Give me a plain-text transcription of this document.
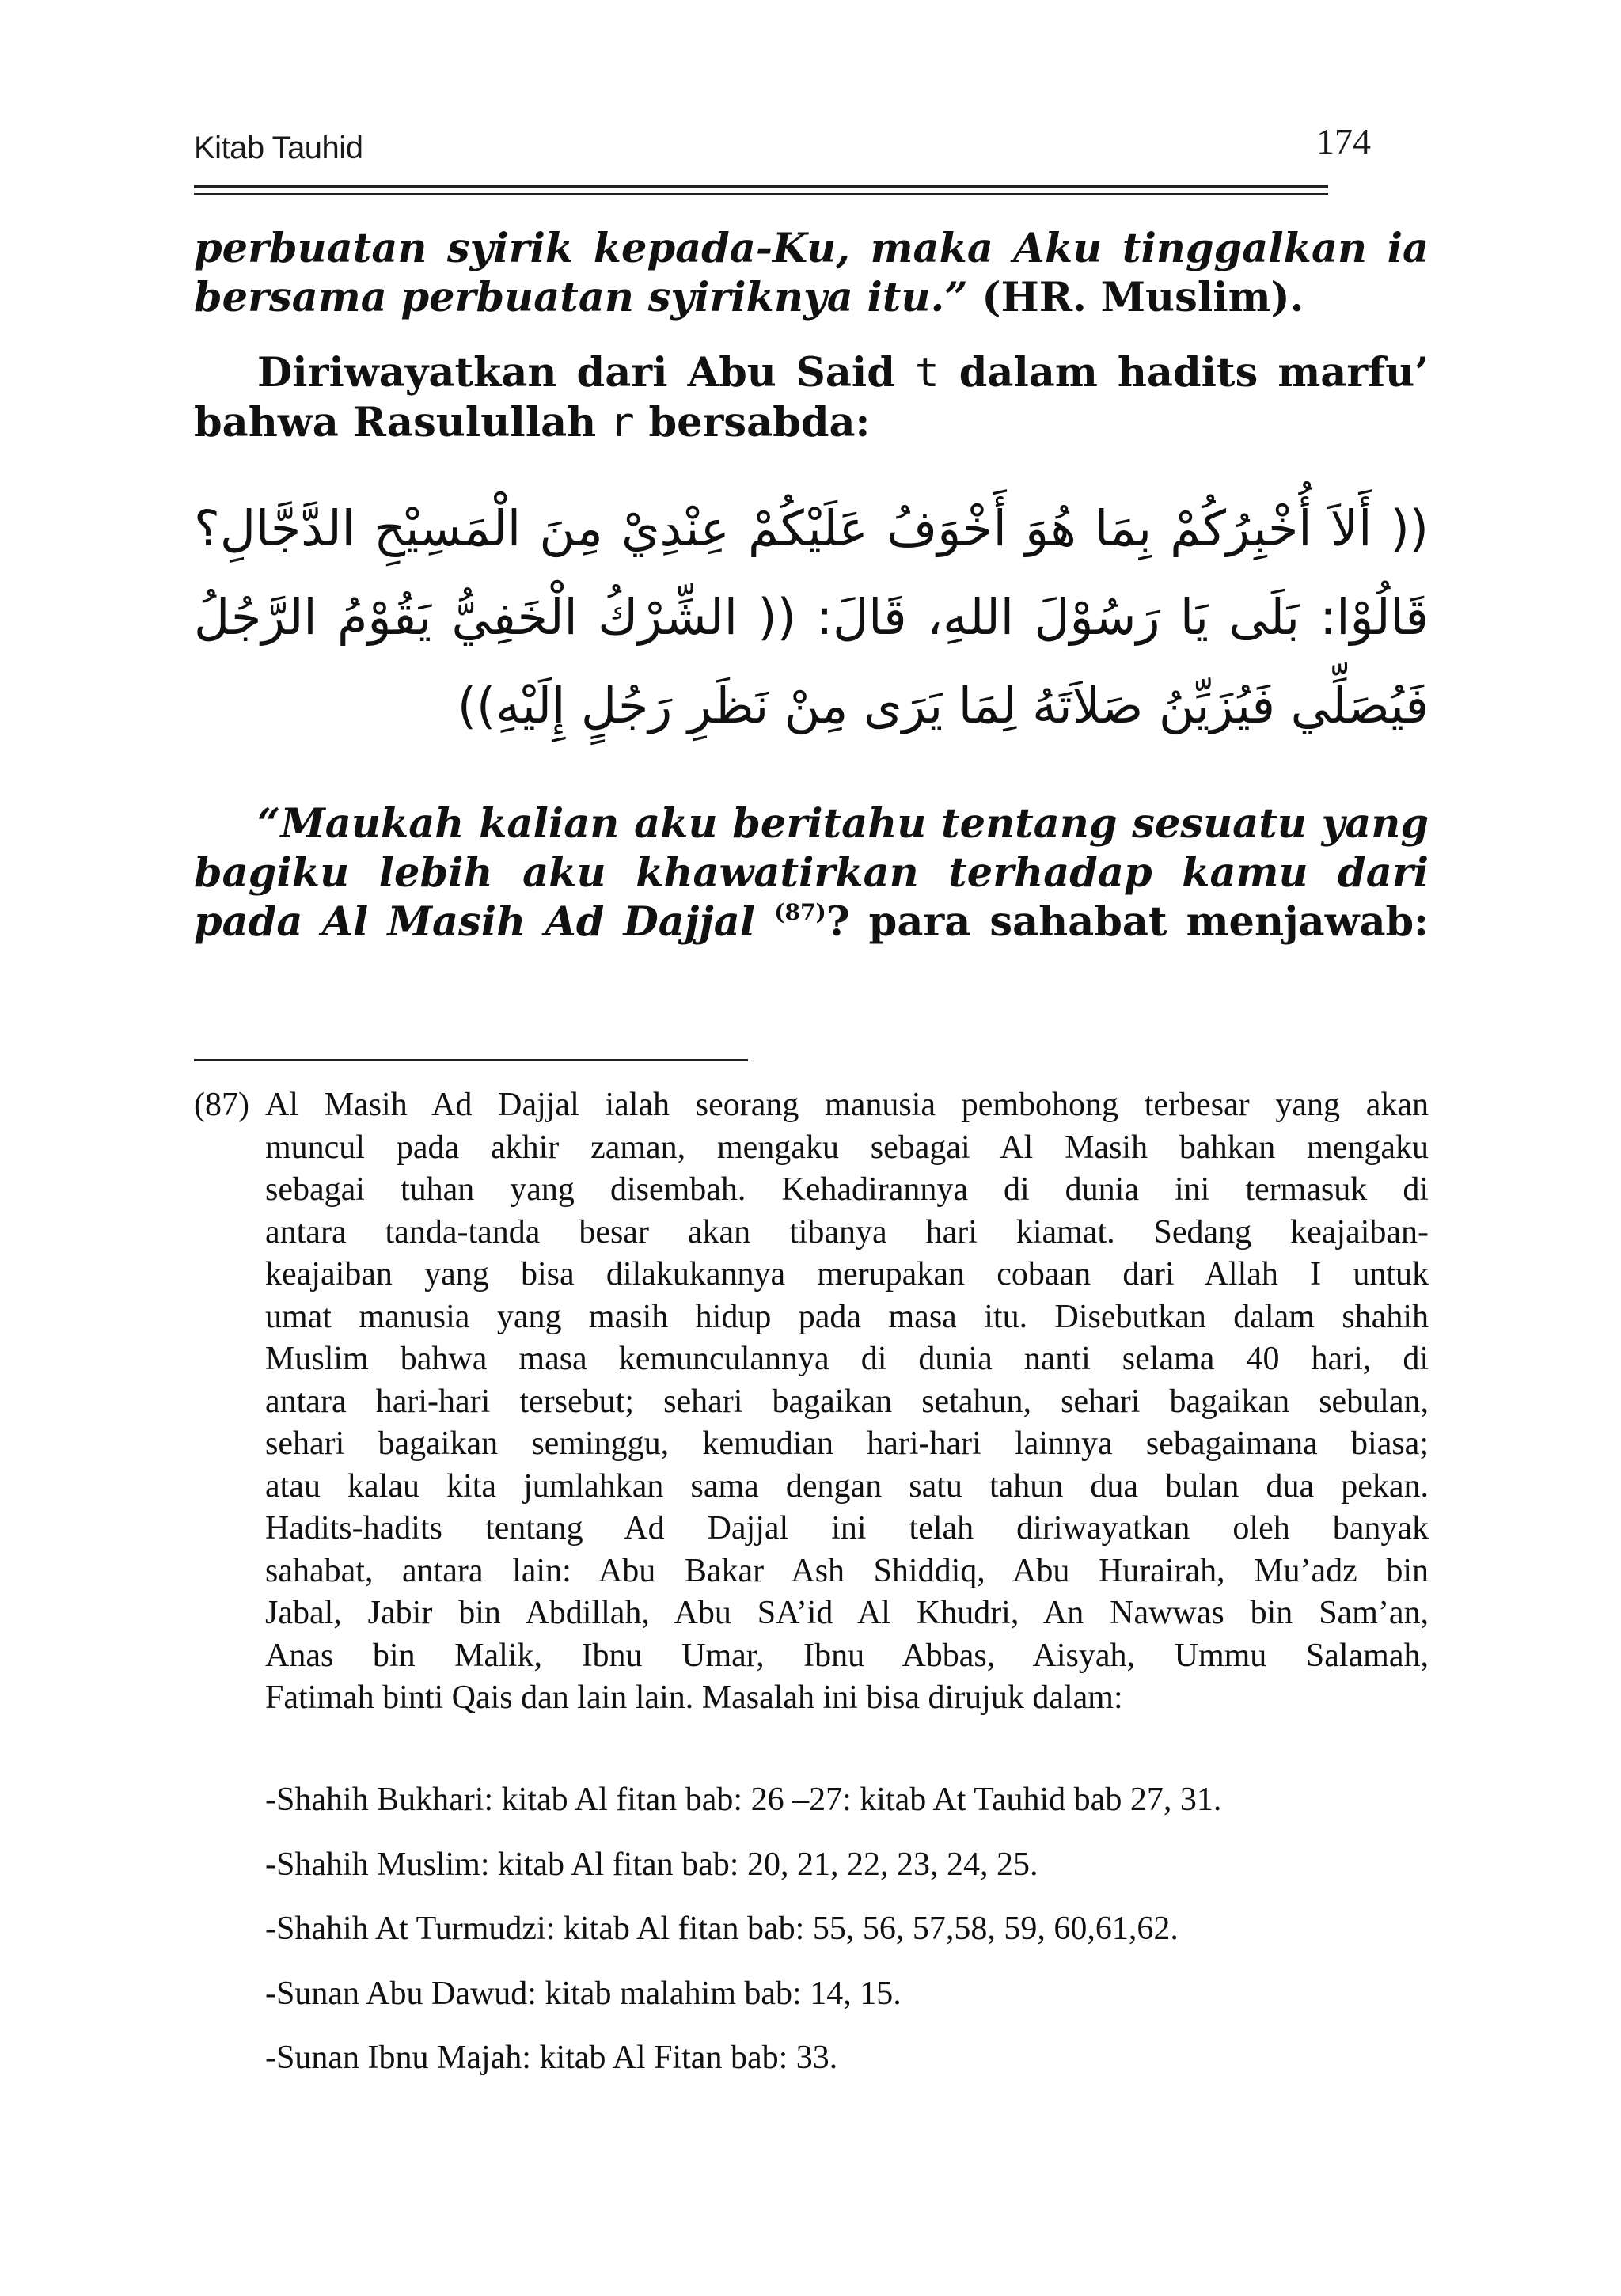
Kitab Tauhid	174
perbuatan syirik kepada-Ku, maka Aku tinggalkan ia
bersama perbuatan syiriknya itu.” (HR. Muslim).
Diriwayatkan dari Abu Said t dalam hadits marfu’
bahwa Rasulullah r bersabda:
(( أَلاَ أُخْبِرُكُمْ بِمَا هُوَ أَخْوَفُ عَلَيْكُمْ عِنْدِيْ مِنَ الْمَسِيْحِ الدَّجَّالِ؟
قَالُوْا: بَلَى يَا رَسُوْلَ اللهِ، قَالَ: (( الشِّرْكُ الْخَفِيُّ يَقُوْمُ الرَّجُلُ
فَيُصَلِّي فَيُزَيِّنُ صَلاَتَهُ لِمَا يَرَى مِنْ نَظَرِ رَجُلٍ إِلَيْهِ))
“Maukah kalian aku beritahu tentang sesuatu yang
bagiku lebih aku khawatirkan terhadap kamu dari
pada Al Masih Ad Dajjal $^{(87)}$? para sahabat menjawab:
(87) Al Masih Ad Dajjal ialah seorang manusia pembohong terbesar yang akan
muncul pada akhir zaman, mengaku sebagai Al Masih bahkan mengaku
sebagai tuhan yang disembah. Kehadirannya di dunia ini termasuk di
antara tanda-tanda besar akan tibanya hari kiamat. Sedang keajaiban-
keajaiban yang bisa dilakukannya merupakan cobaan dari Allah I untuk
umat manusia yang masih hidup pada masa itu. Disebutkan dalam shahih
Muslim bahwa masa kemunculannya di dunia nanti selama 40 hari, di
antara hari-hari tersebut; sehari bagaikan setahun, sehari bagaikan sebulan,
sehari bagaikan seminggu, kemudian hari-hari lainnya sebagaimana biasa;
atau kalau kita jumlahkan sama dengan satu tahun dua bulan dua pekan.
Hadits-hadits tentang Ad Dajjal ini telah diriwayatkan oleh banyak
sahabat, antara lain: Abu Bakar Ash Shiddiq, Abu Hurairah, Mu’adz bin
Jabal, Jabir bin Abdillah, Abu SA’id Al Khudri, An Nawwas bin Sam’an,
Anas bin Malik, Ibnu Umar, Ibnu Abbas, Aisyah, Ummu Salamah,
Fatimah binti Qais dan lain lain. Masalah ini bisa dirujuk dalam:
-Shahih Bukhari: kitab Al fitan bab: 26 –27: kitab At Tauhid bab 27, 31.
-Shahih Muslim: kitab Al fitan bab: 20, 21, 22, 23, 24, 25.
-Shahih At Turmudzi: kitab Al fitan bab: 55, 56, 57,58, 59, 60,61,62.
-Sunan Abu Dawud: kitab malahim bab: 14, 15.
-Sunan Ibnu Majah: kitab Al Fitan bab: 33.
